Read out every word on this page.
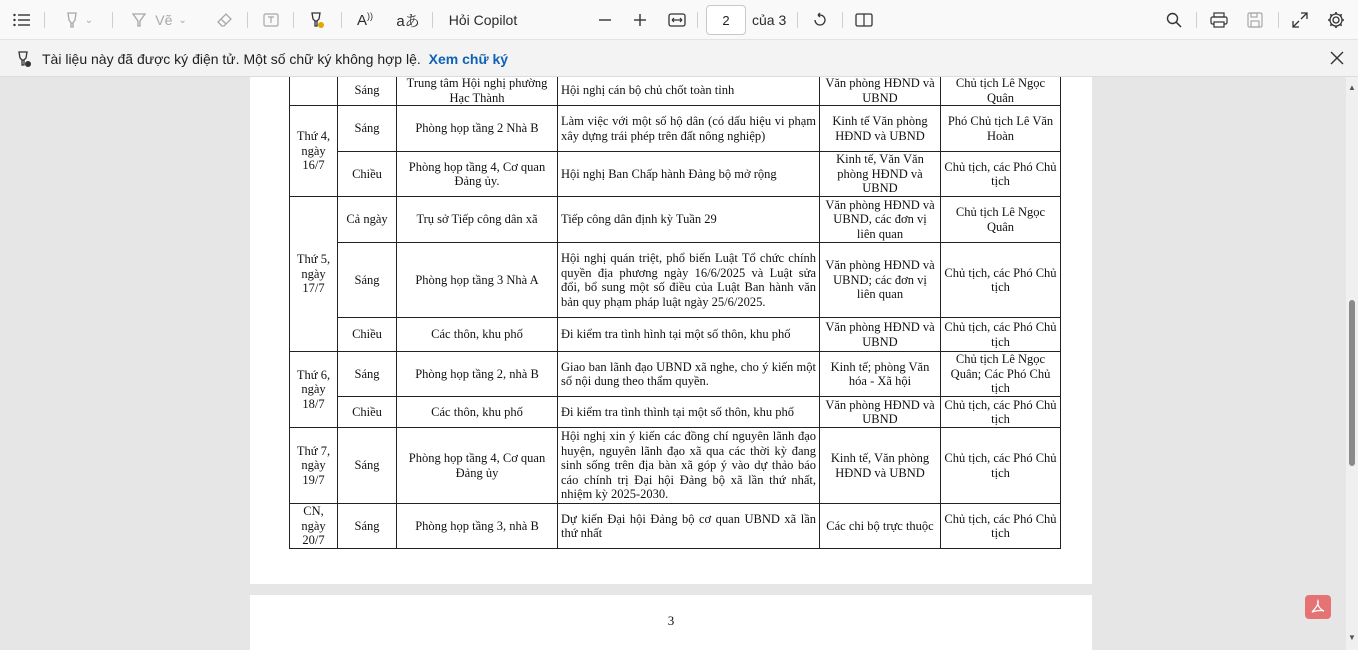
⌄	Vẽ ⌄	A)) aあ Hỏi Copilot
2	của 3
Tài liệu này đã được ký điện tử. Một số chữ ký không hợp lệ. Xem chữ ký
	Sáng	Trung tâm Hội nghị phường Hạc Thành	Hội nghị cán bộ chủ chốt toàn tỉnh	Văn phòng HĐND và UBND	Chủ tịch Lê Ngọc Quân
Thứ 4, ngày 16/7	Sáng	Phòng họp tầng 2 Nhà B	Làm việc với một số hộ dân (có dấu hiệu vi phạm xây dựng trái phép trên đất nông nghiệp)	Kinh tế Văn phòng HĐND và UBND	Phó Chủ tịch Lê Văn Hoàn
	Chiều	Phòng họp tầng 4, Cơ quan Đảng ủy.	Hội nghị Ban Chấp hành Đảng bộ mở rộng	Kinh tế, Văn Văn phòng HĐND và UBND	Chủ tịch, các Phó Chủ tịch
Thứ 5, ngày 17/7	Cả ngày	Trụ sở Tiếp công dân xã	Tiếp công dân định kỳ Tuần 29	Văn phòng HĐND và UBND, các đơn vị liên quan	Chủ tịch Lê Ngọc Quân
	Sáng	Phòng họp tầng 3 Nhà A	Hội nghị quán triệt, phổ biến Luật Tổ chức chính quyền địa phương ngày 16/6/2025 và Luật sửa đổi, bổ sung một số điều của Luật Ban hành văn bản quy phạm pháp luật ngày 25/6/2025.	Văn phòng HĐND và UBND; các đơn vị liên quan	Chủ tịch, các Phó Chủ tịch
	Chiều	Các thôn, khu phố	Đi kiểm tra tình hình tại một số thôn, khu phố	Văn phòng HĐND và UBND	Chủ tịch, các Phó Chủ tịch
Thứ 6, ngày 18/7	Sáng	Phòng họp tầng 2, nhà B	Giao ban lãnh đạo UBND xã nghe, cho ý kiến một số nội dung theo thẩm quyền.	Kinh tế; phòng Văn hóa - Xã hội	Chủ tịch Lê Ngọc Quân; Các Phó Chủ tịch
	Chiều	Các thôn, khu phố	Đi kiểm tra tình thình tại một số thôn, khu phố	Văn phòng HĐND và UBND	Chủ tịch, các Phó Chủ tịch
Thứ 7, ngày 19/7	Sáng	Phòng họp tầng 4, Cơ quan Đảng ủy	Hội nghị xin ý kiến các đồng chí nguyên lãnh đạo huyện, nguyên lãnh đạo xã qua các thời kỳ đang sinh sống trên địa bàn xã góp ý vào dự thảo báo cáo chính trị Đại hội Đảng bộ xã lần thứ nhất, nhiệm kỳ 2025-2030.	Kinh tế, Văn phòng HĐND và UBND	Chủ tịch, các Phó Chủ tịch
CN, ngày 20/7	Sáng	Phòng họp tầng 3, nhà B	Dự kiến Đại hội Đảng bộ cơ quan UBND xã lần thứ nhất	Các chi bộ trực thuộc	Chủ tịch, các Phó Chủ tịch
3
▲
▼
